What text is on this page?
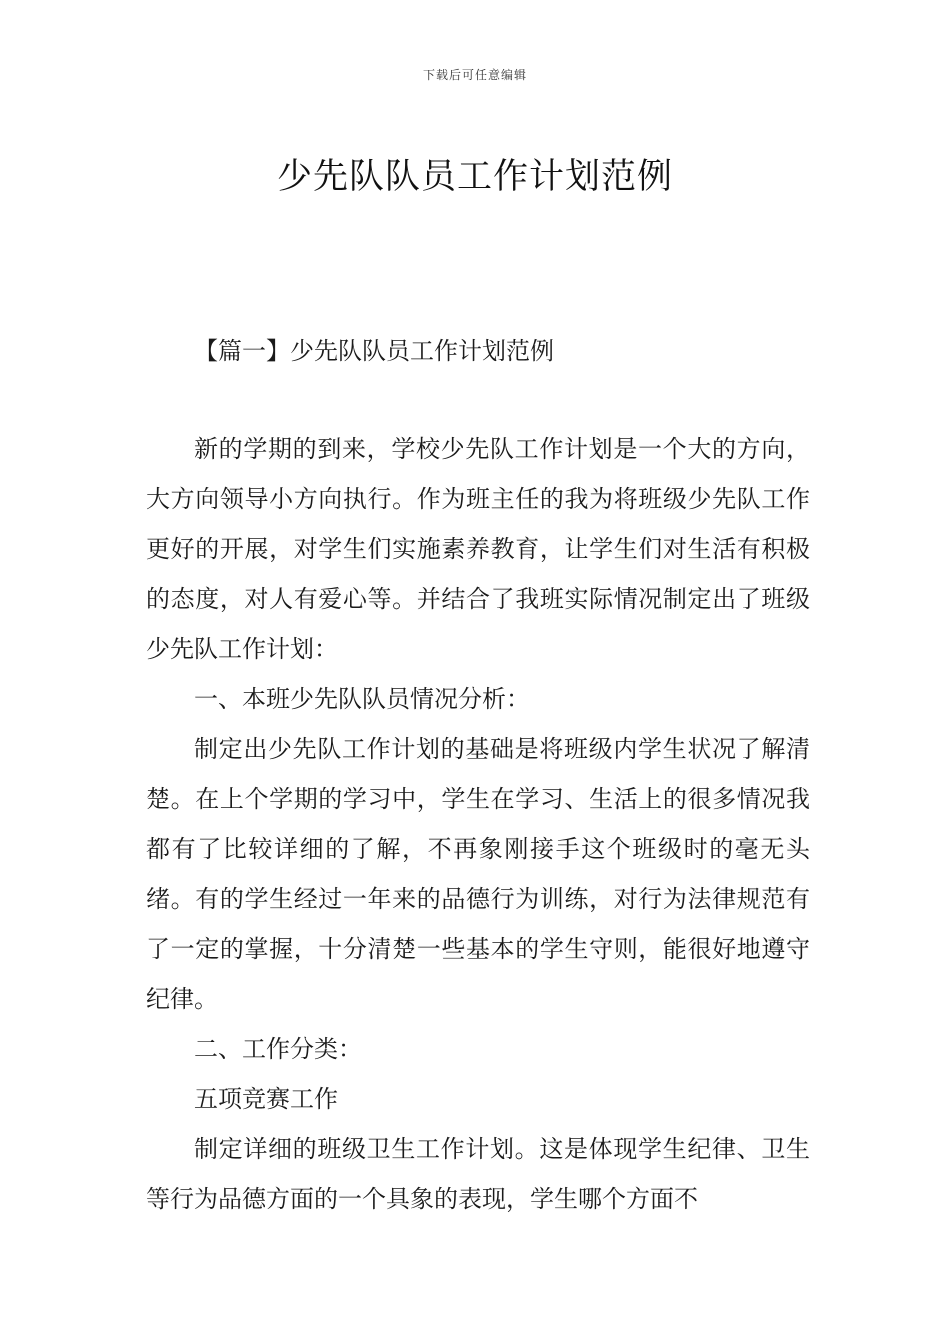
下载后可任意编辑
少先队队员工作计划范例
【篇一】少先队队员工作计划范例

新的学期的到来，学校少先队工作计划是一个大的方向，大方向领导小方向执行。作为班主任的我为将班级少先队工作更好的开展，对学生们实施素养教育，让学生们对生活有积极的态度，对人有爱心等。并结合了我班实际情况制定出了班级少先队工作计划：

一、本班少先队队员情况分析：

制定出少先队工作计划的基础是将班级内学生状况了解清楚。在上个学期的学习中，学生在学习、生活上的很多情况我都有了比较详细的了解，不再象刚接手这个班级时的毫无头绪。有的学生经过一年来的品德行为训练，对行为法律规范有了一定的掌握，十分清楚一些基本的学生守则，能很好地遵守纪律。

二、工作分类：

五项竞赛工作

制定详细的班级卫生工作计划。这是体现学生纪律、卫生等行为品德方面的一个具象的表现，学生哪个方面不
